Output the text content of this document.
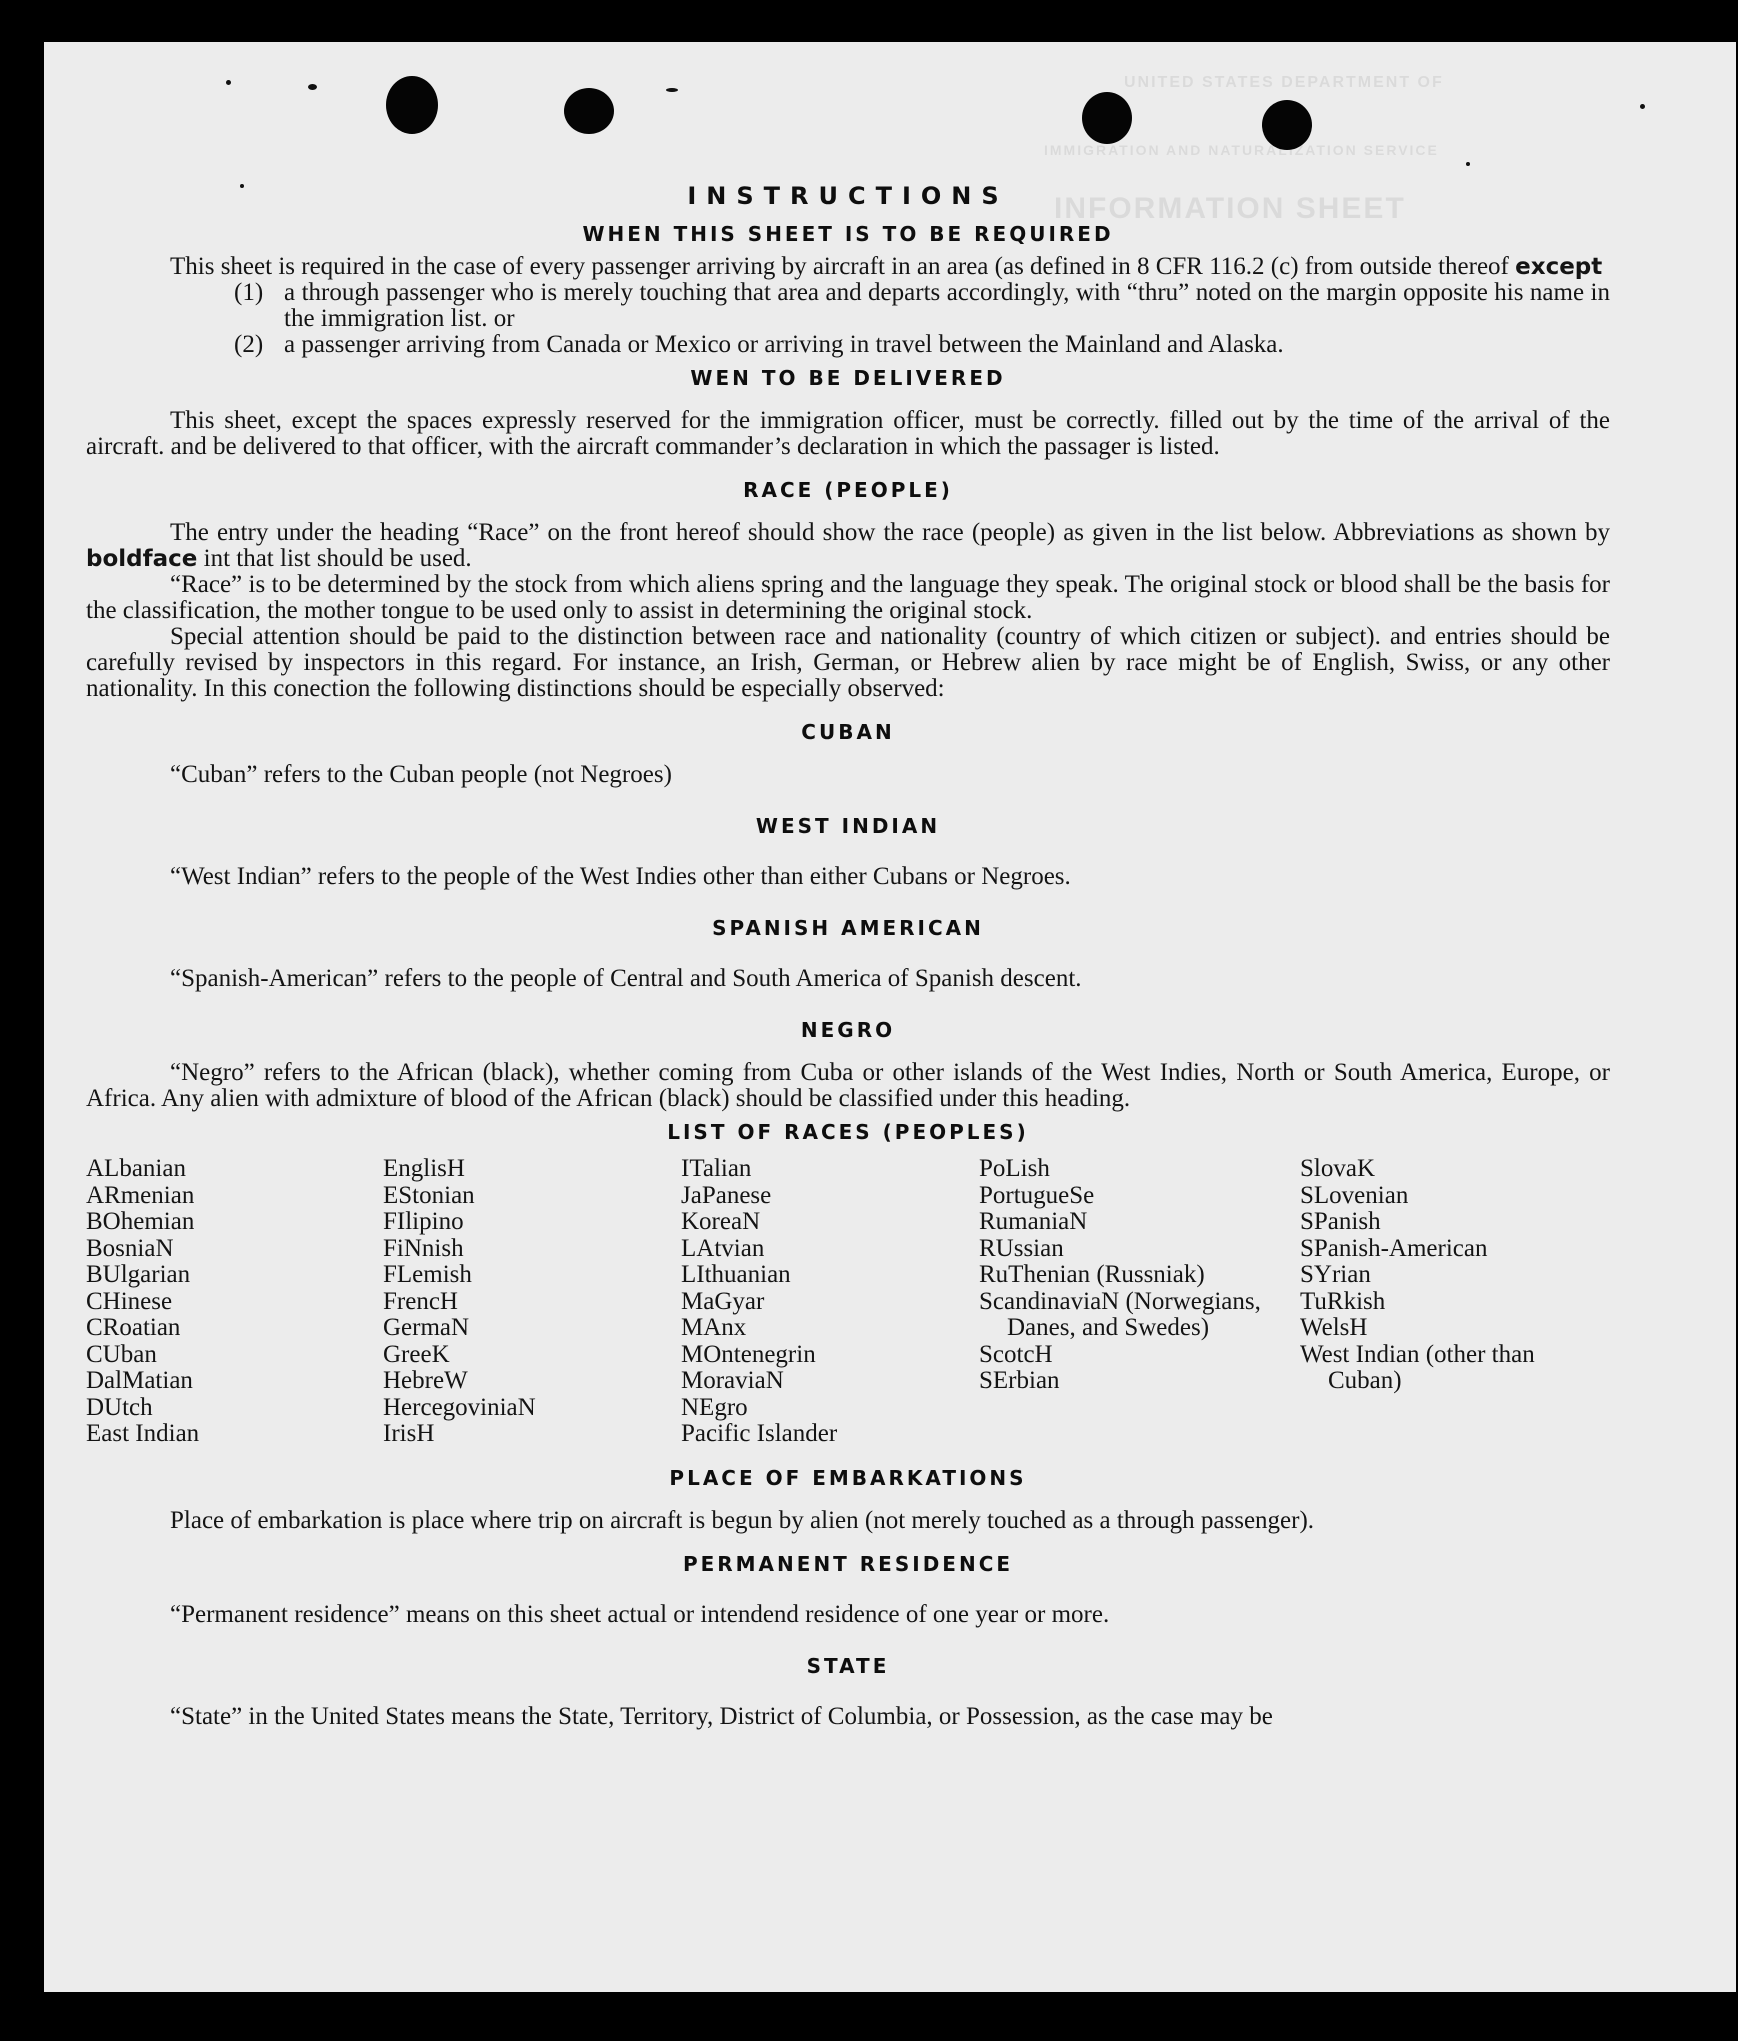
UNITED STATES DEPARTMENT OF
IMMIGRATION AND NATURALIZATION SERVICE
INFORMATION SHEET
INSTRUCTIONS
WHEN THIS SHEET IS TO BE REQUIRED

This sheet is required in the case of every passenger arriving by aircraft in an area (as defined in 8 CFR 116.2 (c) from outside thereof except

(1) a through passenger who is merely touching that area and departs accordingly, with “thru” noted on the margin opposite his name in the immigration list. or
(2) a passenger arriving from Canada or Mexico or arriving in travel between the Mainland and Alaska.
WEN TO BE DELIVERED

This sheet, except the spaces expressly reserved for the immigration officer, must be correctly. filled out by the time of the arrival of the aircraft. and be delivered to that officer, with the aircraft commander’s declaration in which the passager is listed.

RACE (PEOPLE)

The entry under the heading “Race” on the front hereof should show the race (people) as given in the list below. Abbreviations as shown by boldface int that list should be used.

“Race” is to be determined by the stock from which aliens spring and the language they speak. The original stock or blood shall be the basis for the classification, the mother tongue to be used only to assist in determining the original stock.

Special attention should be paid to the distinction between race and nationality (country of which citizen or subject). and entries should be carefully revised by inspectors in this regard. For instance, an Irish, German, or Hebrew alien by race might be of English, Swiss, or any other nationality. In this conection the following distinctions should be especially observed:

CUBAN

“Cuban” refers to the Cuban people (not Negroes)

WEST INDIAN

“West Indian” refers to the people of the West Indies other than either Cubans or Negroes.

SPANISH AMERICAN

“Spanish-American” refers to the people of Central and South America of Spanish descent.

NEGRO

“Negro” refers to the African (black), whether coming from Cuba or other islands of the West Indies, North or South America, Europe, or Africa. Any alien with admixture of blood of the African (black) should be classified under this heading.

LIST OF RACES (PEOPLES)
ALbanian
ARmenian
BOhemian
BosniaN
BUlgarian
CHinese
CRoatian
CUban
DalMatian
DUtch
East Indian
EnglisH
EStonian
FIlipino
FiNnish
FLemish
FrencH
GermaN
GreeK
HebreW
HercegoviniaN
IrisH
ITalian
JaPanese
KoreaN
LAtvian
LIthuanian
MaGyar
MAnx
MOntenegrin
MoraviaN
NEgro
Pacific Islander
PoLish
PortugueSe
RumaniaN
RUssian
RuThenian (Russniak)
ScandinaviaN (Norwegians, Danes, and Swedes)
ScotcH
SErbian
SlovaK
SLovenian
SPanish
SPanish-American
SYrian
TuRkish
WelsH
West Indian (other than Cuban)
PLACE OF EMBARKATIONS

Place of embarkation is place where trip on aircraft is begun by alien (not merely touched as a through passenger).

PERMANENT RESIDENCE

“Permanent residence” means on this sheet actual or intendend residence of one year or more.

STATE

“State” in the United States means the State, Territory, District of Columbia, or Possession, as the case may be
